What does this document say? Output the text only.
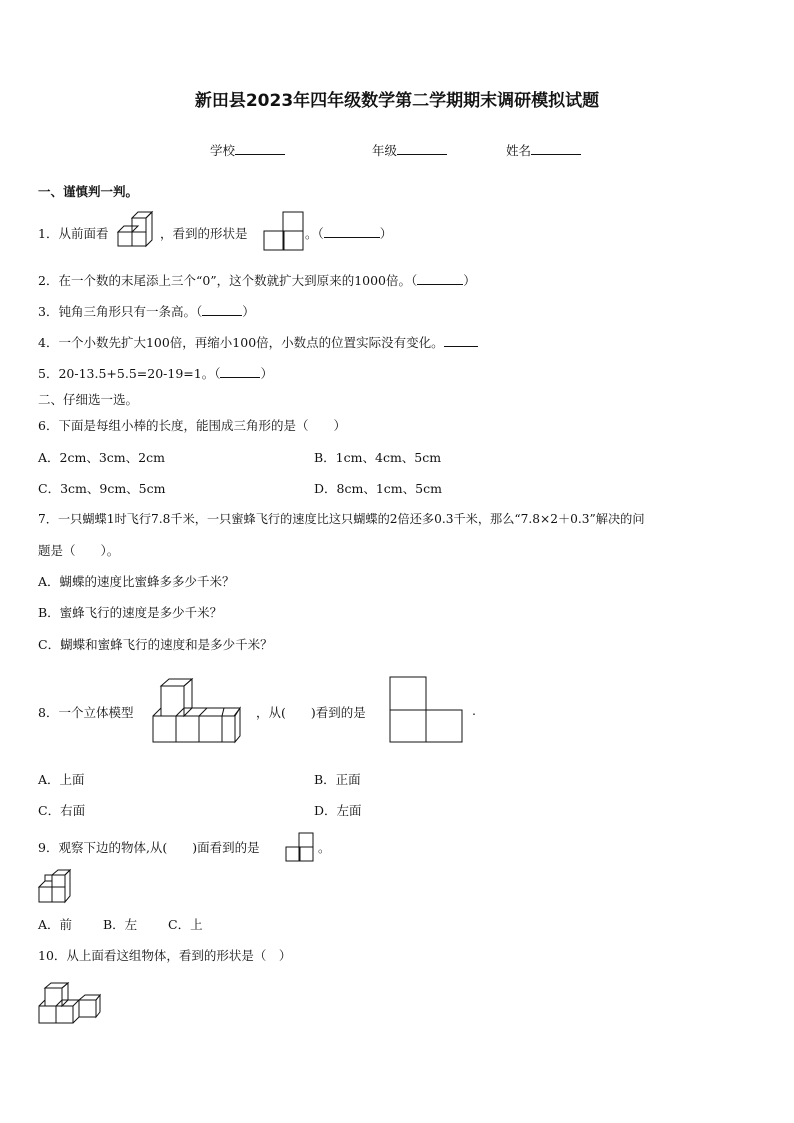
新田县2023年四年级数学第二学期期末调研模拟试题
学校	年级	姓名
一、谨慎判一判。
1．从前面看	，看到的形状是	。（	）
2．在一个数的末尾添上三个“0”，这个数就扩大到原来的1000倍。（	）
3．钝角三角形只有一条高。（	）
4．一个小数先扩大100倍，再缩小100倍，小数点的位置实际没有变化。
5．20-13.5+5.5=20-19=1。（	）
二、仔细选一选。
6．下面是每组小棒的长度，能围成三角形的是（　　）
A．2cm、3cm、2cm	B．1cm、4cm、5cm
C．3cm、9cm、5cm	D．8cm、1cm、5cm
7．一只蝴蝶1时飞行7.8千米，一只蜜蜂飞行的速度比这只蝴蝶的2倍还多0.3千米，那么“7.8×2＋0.3”解决的问
题是（　　）。
A．蝴蝶的速度比蜜蜂多多少千米？
B．蜜蜂飞行的速度是多少千米？
C．蝴蝶和蜜蜂飞行的速度和是多少千米？
8．一个立体模型	，从(　　)看到的是	.
A．上面	B．正面
C．右面	D．左面
9．观察下边的物体,从(　　)面看到的是	。
A．前 B．左 C．上
10．从上面看这组物体，看到的形状是（　）
